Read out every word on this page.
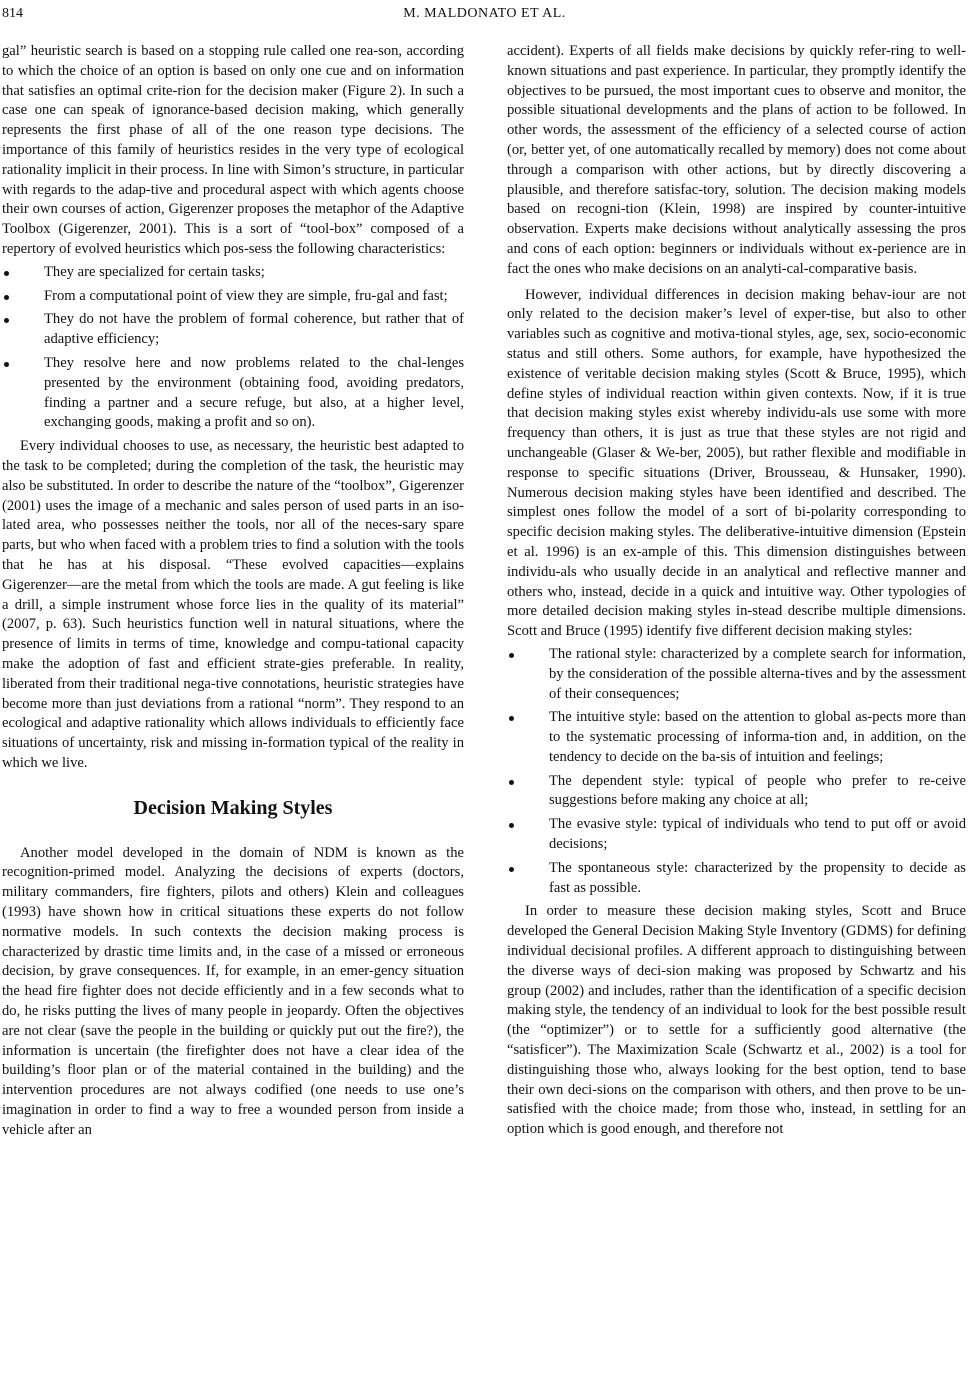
814	M. MALDONATO ET AL.

gal” heuristic search is based on a stopping rule called one rea-son, according to which the choice of an option is based on only one cue and on information that satisfies an optimal crite-rion for the decision maker (Figure 2). In such a case one can speak of ignorance-based decision making, which generally represents the first phase of all of the one reason type decisions. The importance of this family of heuristics resides in the very type of ecological rationality implicit in their process. In line with Simon’s structure, in particular with regards to the adap-tive and procedural aspect with which agents choose their own courses of action, Gigerenzer proposes the metaphor of the Adaptive Toolbox (Gigerenzer, 2001). This is a sort of “tool-box” composed of a repertory of evolved heuristics which pos-sess the following characteristics:

They are specialized for certain tasks;
From a computational point of view they are simple, fru-gal and fast;
They do not have the problem of formal coherence, but rather that of adaptive efficiency;
They resolve here and now problems related to the chal-lenges presented by the environment (obtaining food, avoiding predators, finding a partner and a secure refuge, but also, at a higher level, exchanging goods, making a profit and so on).

Every individual chooses to use, as necessary, the heuristic best adapted to the task to be completed; during the completion of the task, the heuristic may also be substituted. In order to describe the nature of the “toolbox”, Gigerenzer (2001) uses the image of a mechanic and sales person of used parts in an iso-lated area, who possesses neither the tools, nor all of the neces-sary spare parts, but who when faced with a problem tries to find a solution with the tools that he has at his disposal. “These evolved capacities―explains Gigerenzer―are the metal from which the tools are made. A gut feeling is like a drill, a simple instrument whose force lies in the quality of its material” (2007, p. 63). Such heuristics function well in natural situations, where the presence of limits in terms of time, knowledge and compu-tational capacity make the adoption of fast and efficient strate-gies preferable. In reality, liberated from their traditional nega-tive connotations, heuristic strategies have become more than just deviations from a rational “norm”. They respond to an ecological and adaptive rationality which allows individuals to efficiently face situations of uncertainty, risk and missing in-formation typical of the reality in which we live.

Decision Making Styles

Another model developed in the domain of NDM is known as the recognition-primed model. Analyzing the decisions of experts (doctors, military commanders, fire fighters, pilots and others) Klein and colleagues (1993) have shown how in critical situations these experts do not follow normative models. In such contexts the decision making process is characterized by drastic time limits and, in the case of a missed or erroneous decision, by grave consequences. If, for example, in an emer-gency situation the head fire fighter does not decide efficiently and in a few seconds what to do, he risks putting the lives of many people in jeopardy. Often the objectives are not clear (save the people in the building or quickly put out the fire?), the information is uncertain (the firefighter does not have a clear idea of the building’s floor plan or of the material contained in the building) and the intervention procedures are not always codified (one needs to use one’s imagination in order to find a way to free a wounded person from inside a vehicle after an

accident). Experts of all fields make decisions by quickly refer-ring to well-known situations and past experience. In particular, they promptly identify the objectives to be pursued, the most important cues to observe and monitor, the possible situational developments and the plans of action to be followed. In other words, the assessment of the efficiency of a selected course of action (or, better yet, of one automatically recalled by memory) does not come about through a comparison with other actions, but by directly discovering a plausible, and therefore satisfac-tory, solution. The decision making models based on recogni-tion (Klein, 1998) are inspired by counter-intuitive observation. Experts make decisions without analytically assessing the pros and cons of each option: beginners or individuals without ex-perience are in fact the ones who make decisions on an analyti-cal-comparative basis.

However, individual differences in decision making behav-iour are not only related to the decision maker’s level of exper-tise, but also to other variables such as cognitive and motiva-tional styles, age, sex, socio-economic status and still others. Some authors, for example, have hypothesized the existence of veritable decision making styles (Scott & Bruce, 1995), which define styles of individual reaction within given contexts. Now, if it is true that decision making styles exist whereby individu-als use some with more frequency than others, it is just as true that these styles are not rigid and unchangeable (Glaser & We-ber, 2005), but rather flexible and modifiable in response to specific situations (Driver, Brousseau, & Hunsaker, 1990). Numerous decision making styles have been identified and described. The simplest ones follow the model of a sort of bi-polarity corresponding to specific decision making styles. The deliberative-intuitive dimension (Epstein et al. 1996) is an ex-ample of this. This dimension distinguishes between individu-als who usually decide in an analytical and reflective manner and others who, instead, decide in a quick and intuitive way. Other typologies of more detailed decision making styles in-stead describe multiple dimensions. Scott and Bruce (1995) identify five different decision making styles:

The rational style: characterized by a complete search for information, by the consideration of the possible alterna-tives and by the assessment of their consequences;
The intuitive style: based on the attention to global as-pects more than to the systematic processing of informa-tion and, in addition, on the tendency to decide on the ba-sis of intuition and feelings;
The dependent style: typical of people who prefer to re-ceive suggestions before making any choice at all;
The evasive style: typical of individuals who tend to put off or avoid decisions;
The spontaneous style: characterized by the propensity to decide as fast as possible.

In order to measure these decision making styles, Scott and Bruce developed the General Decision Making Style Inventory (GDMS) for defining individual decisional profiles. A different approach to distinguishing between the diverse ways of deci-sion making was proposed by Schwartz and his group (2002) and includes, rather than the identification of a specific decision making style, the tendency of an individual to look for the best possible result (the “optimizer”) or to settle for a sufficiently good alternative (the “satisficer”). The Maximization Scale (Schwartz et al., 2002) is a tool for distinguishing those who, always looking for the best option, tend to base their own deci-sions on the comparison with others, and then prove to be un-satisfied with the choice made; from those who, instead, in settling for an option which is good enough, and therefore not
